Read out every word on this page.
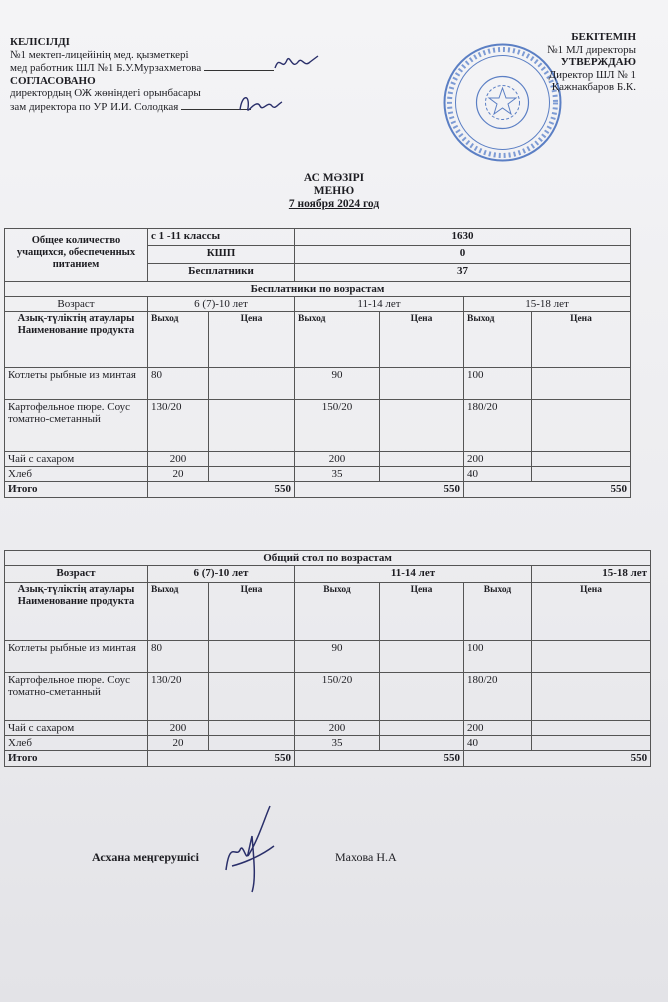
КЕЛІСІЛДІ
№1 мектеп-лицейінің мед. қызметкері
мед работник ШЛ №1 Б.У.Мурзахметова
СОГЛАСОВАНО
директордың ОЖ жөніндегі орынбасары
зам директора по УР И.И. Солодкая
БЕКІТЕМІН
№1 МЛ директоры
УТВЕРЖДАЮ
Директор ШЛ № 1
Қажнакбаров Б.К.
АС МӘЗІРІ
МЕНЮ
7 ноября 2024 год
Общее количество учащихся, обеспеченных питанием	с 1 -11 классы		1630			
	КШП		0			
	Бесплатники		37			
Бесплатники по возрастам						
Возраст	6 (7)-10 лет		11-14 лет		15-18 лет	
Азық-түліктің атаулары Наименование продукта	Выход	Цена	Выход	Цена	Выход	Цена
Котлеты рыбные из минтая	80		90		100	
Картофельное пюре. Соус томатно-сметанный	130/20		150/20		180/20	
Чай с сахаром	200		200		200	
Хлеб	20		35		40	
Итого	550		550		550	
Общий стол по возрастам						
Возраст	6 (7)-10 лет		11-14 лет			15-18 лет
Азық-түліктің атаулары Наименование продукта	Выход	Цена	Выход	Цена	Выход	Цена
Котлеты рыбные из минтая	80		90		100	
Картофельное пюре. Соус томатно-сметанный	130/20		150/20		180/20	
Чай с сахаром	200		200		200	
Хлеб	20		35		40	
Итого	550		550		550	
Асхана меңгерушісі	Махова Н.А
